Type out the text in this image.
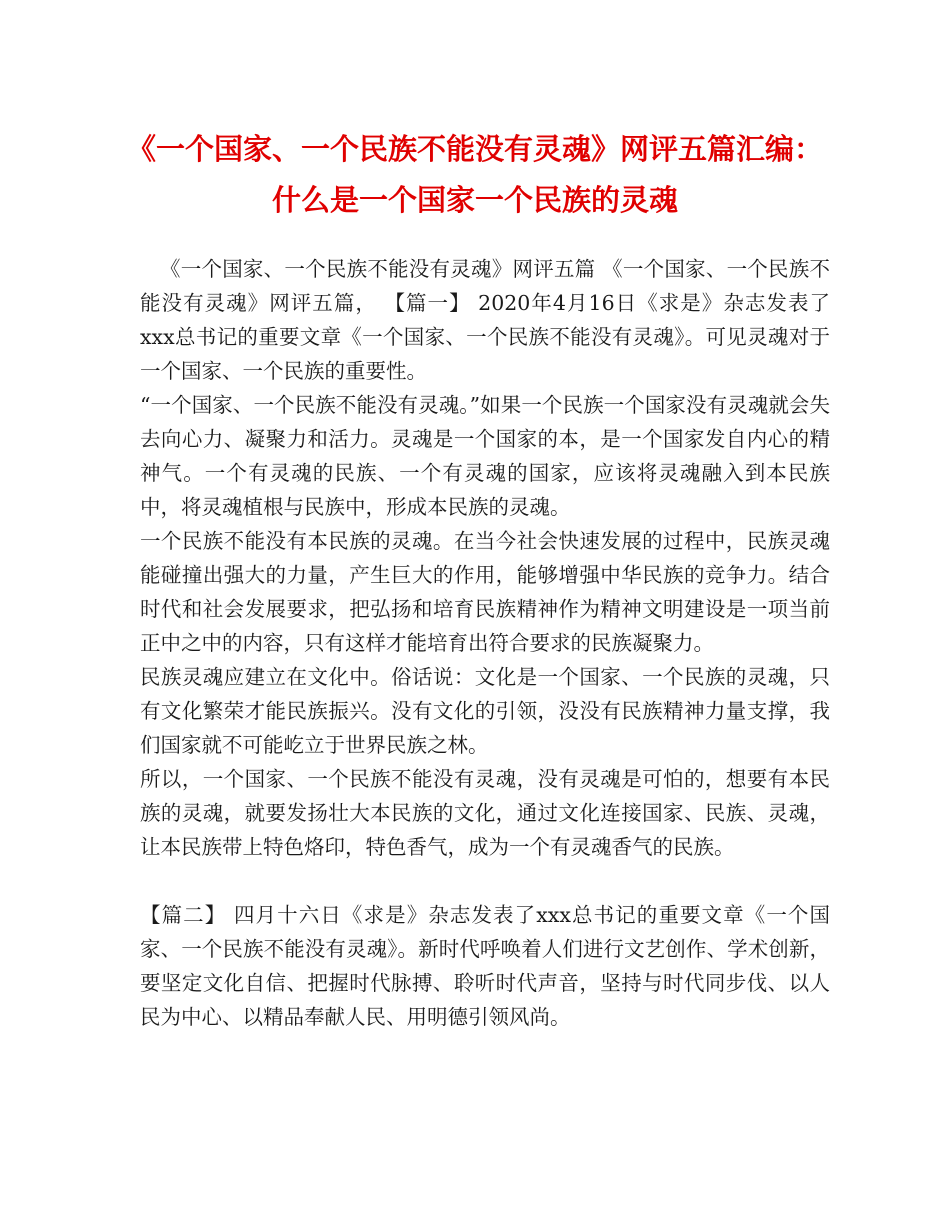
《一个国家、一个民族不能没有灵魂》网评五篇汇编：
什么是一个国家一个民族的灵魂

《一个国家、一个民族不能没有灵魂》网评五篇 《一个国家、一个民族不能没有灵魂》网评五篇， 【篇一】 2020年4月16日《求是》杂志发表了xxx总书记的重要文章《一个国家、一个民族不能没有灵魂》。可见灵魂对于一个国家、一个民族的重要性。

“一个国家、一个民族不能没有灵魂。”如果一个民族一个国家没有灵魂就会失去向心力、凝聚力和活力。灵魂是一个国家的本，是一个国家发自内心的精神气。一个有灵魂的民族、一个有灵魂的国家，应该将灵魂融入到本民族中，将灵魂植根与民族中，形成本民族的灵魂。

一个民族不能没有本民族的灵魂。在当今社会快速发展的过程中，民族灵魂能碰撞出强大的力量，产生巨大的作用，能够增强中华民族的竞争力。结合时代和社会发展要求，把弘扬和培育民族精神作为精神文明建设是一项当前正中之中的内容，只有这样才能培育出符合要求的民族凝聚力。

民族灵魂应建立在文化中。俗话说：文化是一个国家、一个民族的灵魂，只有文化繁荣才能民族振兴。没有文化的引领，没没有民族精神力量支撑，我们国家就不可能屹立于世界民族之林。

所以，一个国家、一个民族不能没有灵魂，没有灵魂是可怕的，想要有本民族的灵魂，就要发扬壮大本民族的文化，通过文化连接国家、民族、灵魂，让本民族带上特色烙印，特色香气，成为一个有灵魂香气的民族。

【篇二】 四月十六日《求是》杂志发表了xxx总书记的重要文章《一个国家、一个民族不能没有灵魂》。新时代呼唤着人们进行文艺创作、学术创新，要坚定文化自信、把握时代脉搏、聆听时代声音，坚持与时代同步伐、以人民为中心、以精品奉献人民、用明德引领风尚。
